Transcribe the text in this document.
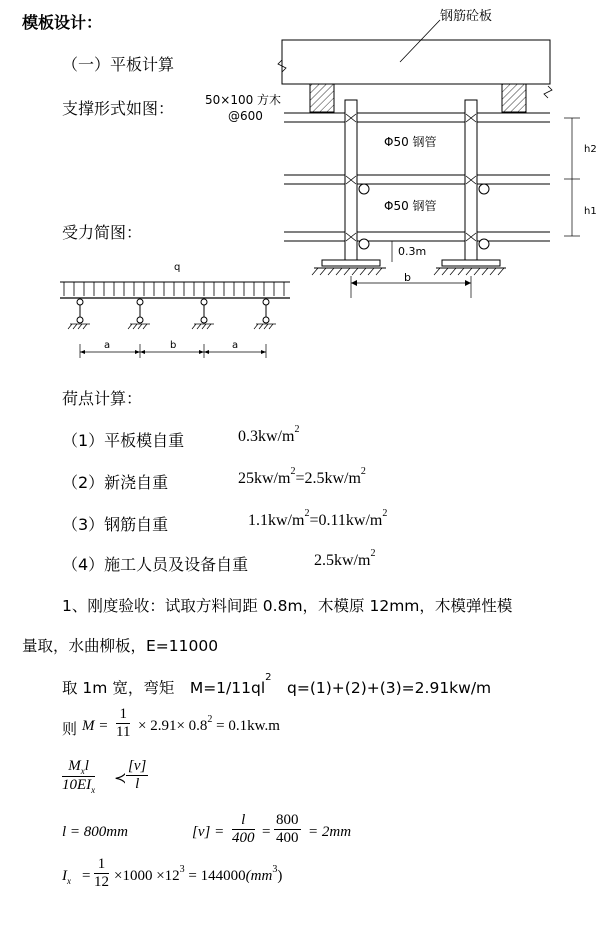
模板设计：
（一）平板计算
支撑形式如图：
受力简图：
钢筋砼板
50×100 方木
@600
Φ50 钢管
Φ50 钢管
0.3m
b
h2
h1
q
a	b	a
荷点计算：
（1）平板模自重	$0.3kw/m^2$
（2）新浇自重	$25kw/m^2=2.5kw/m^2$
（3）钢筋自重	$1.1kw/m^2=0.11kw/m^2$
（4）施工人员及设备自重	$2.5kw/m^2$
1、刚度验收：试取方料间距 0.8m，木模原 12mm，木模弹性模
量取，水曲柳板，E=11000
取 1m 宽，弯矩　$M=1/11ql^2$　q=(1)+(2)+(3)=2.91kw/m
则 $M = \frac{1}{11} \times 2.91\times 0.8^2 = 0.1kw.m$
$M_xl$
$10EI_x$
≺ $\frac{[v]}{l}$
l = 800mm	$[v] = \frac{l}{400} = \frac{800}{400} = 2mm$
$I_x = \frac{1}{12} \times 1000 \times 12^3 = 144000(mm^3)$
